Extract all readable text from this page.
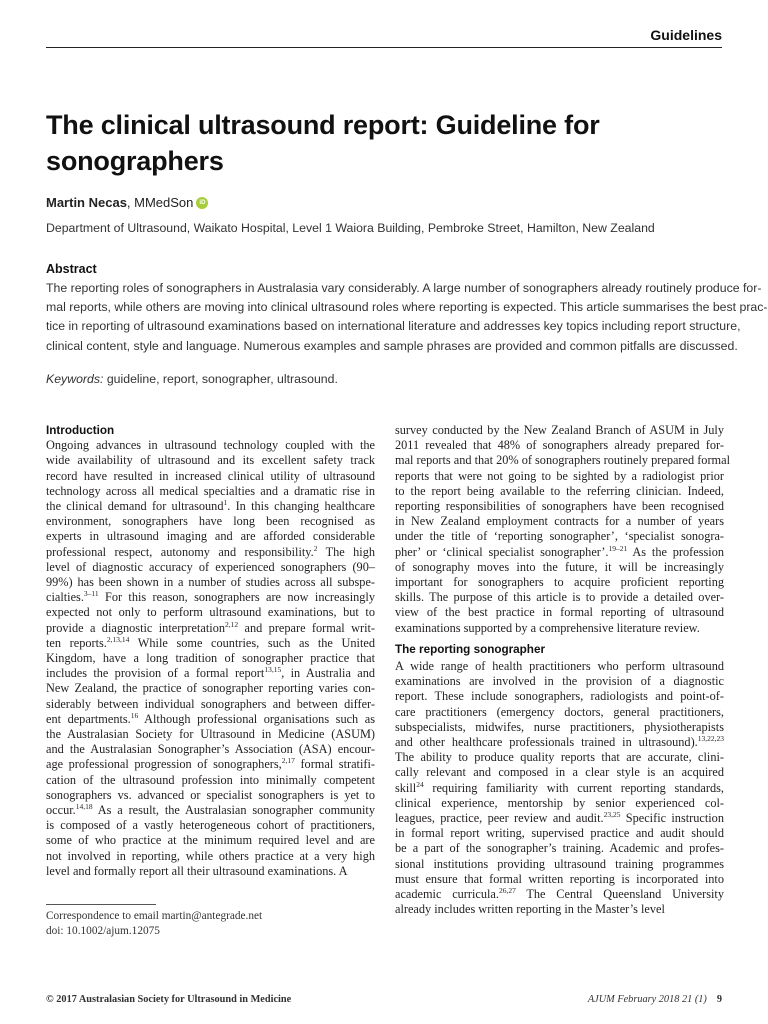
Guidelines
The clinical ultrasound report: Guideline for
sonographers
Martin Necas , MMedSon	iD
Department of Ultrasound, Waikato Hospital, Level 1 Waiora Building, Pembroke Street, Hamilton, New Zealand
Abstract
The reporting roles of sonographers in Australasia vary considerably. A large number of sonographers already routinely produce for-
mal reports, while others are moving into clinical ultrasound roles where reporting is expected. This article summarises the best prac-
tice in reporting of ultrasound examinations based on international literature and addresses key topics including report structure,
clinical content, style and language. Numerous examples and sample phrases are provided and common pitfalls are discussed.
Keywords: guideline, report, sonographer, ultrasound.
Introduction
Ongoing advances in ultrasound technology coupled with the
wide availability of ultrasound and its excellent safety track
record have resulted in increased clinical utility of ultrasound
technology across all medical specialties and a dramatic rise in
the clinical demand for ultrasound$^1$. In this changing healthcare
environment, sonographers have long been recognised as
experts in ultrasound imaging and are afforded considerable
professional respect, autonomy and responsibility.$^2$ The high
level of diagnostic accuracy of experienced sonographers (90–
99%) has been shown in a number of studies across all subspe-
cialties.$^{3-11}$ For this reason, sonographers are now increasingly
expected not only to perform ultrasound examinations, but to
provide a diagnostic interpretation$^{2,12}$ and prepare formal writ-
ten reports.$^{2,13,14}$ While some countries, such as the United
Kingdom, have a long tradition of sonographer practice that
includes the provision of a formal report$^{13,15}$, in Australia and
New Zealand, the practice of sonographer reporting varies con-
siderably between individual sonographers and between differ-
ent departments.$^{16}$ Although professional organisations such as
the Australasian Society for Ultrasound in Medicine (ASUM)
and the Australasian Sonographer’s Association (ASA) encour-
age professional progression of sonographers,$^{2,17}$ formal stratifi-
cation of the ultrasound profession into minimally competent
sonographers vs. advanced or specialist sonographers is yet to
occur.$^{14,18}$ As a result, the Australasian sonographer community
is composed of a vastly heterogeneous cohort of practitioners,
some of who practice at the minimum required level and are
not involved in reporting, while others practice at a very high
level and formally report all their ultrasound examinations. A
survey conducted by the New Zealand Branch of ASUM in July
2011 revealed that 48% of sonographers already prepared for-
mal reports and that 20% of sonographers routinely prepared formal
reports that were not going to be sighted by a radiologist prior
to the report being available to the referring clinician. Indeed,
reporting responsibilities of sonographers have been recognised
in New Zealand employment contracts for a number of years
under the title of ‘reporting sonographer’, ‘specialist sonogra-
pher’ or ‘clinical specialist sonographer’.$^{19-21}$ As the profession
of sonography moves into the future, it will be increasingly
important for sonographers to acquire proficient reporting
skills. The purpose of this article is to provide a detailed over-
view of the best practice in formal reporting of ultrasound
examinations supported by a comprehensive literature review.
The reporting sonographer
A wide range of health practitioners who perform ultrasound
examinations are involved in the provision of a diagnostic
report. These include sonographers, radiologists and point-of-
care practitioners (emergency doctors, general practitioners,
subspecialists, midwifes, nurse practitioners, physiotherapists
and other healthcare professionals trained in ultrasound).$^{13,22,23}$
The ability to produce quality reports that are accurate, clini-
cally relevant and composed in a clear style is an acquired
skill$^{24}$ requiring familiarity with current reporting standards,
clinical experience, mentorship by senior experienced col-
leagues, practice, peer review and audit.$^{23,25}$ Specific instruction
in formal report writing, supervised practice and audit should
be a part of the sonographer’s training. Academic and profes-
sional institutions providing ultrasound training programmes
must ensure that formal written reporting is incorporated into
academic curricula.$^{26,27}$ The Central Queensland University
already includes written reporting in the Master’s level
Correspondence to email martin@antegrade.net
doi: 10.1002/ajum.12075
© 2017 Australasian Society for Ultrasound in Medicine	AJUM February 2018 21 (1) 9
